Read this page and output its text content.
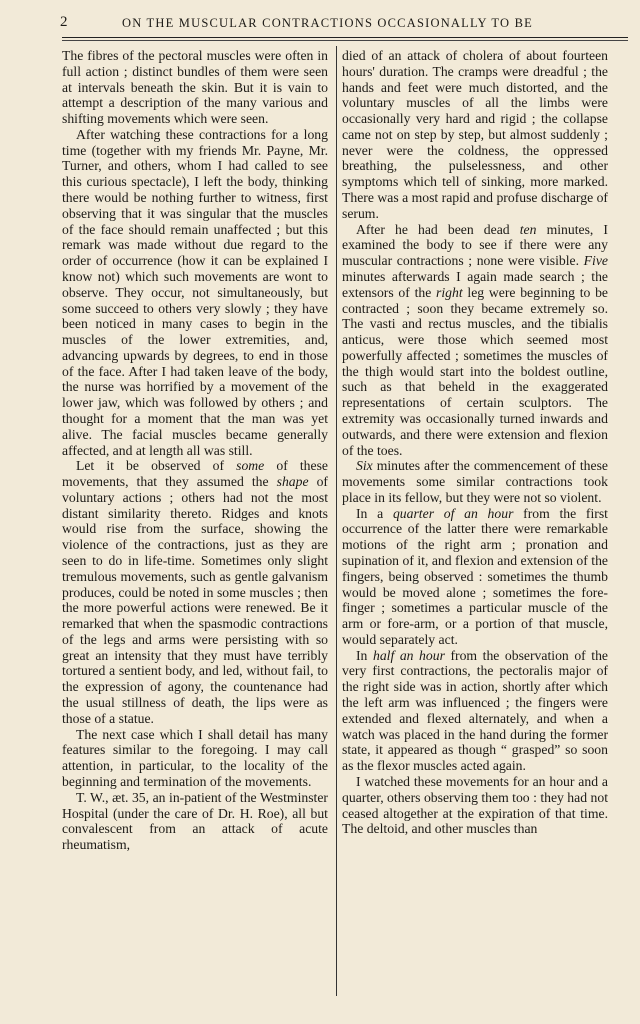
2	ON THE MUSCULAR CONTRACTIONS OCCASIONALLY TO BE

The fibres of the pectoral muscles were often in full action ; distinct bundles of them were seen at intervals beneath the skin. But it is vain to attempt a description of the many various and shifting movements which were seen.

After watching these contractions for a long time (together with my friends Mr. Payne, Mr. Turner, and others, whom I had called to see this curious spectacle), I left the body, thinking there would be nothing further to witness, first observing that it was singular that the muscles of the face should remain unaffected ; but this remark was made without due regard to the order of occurrence (how it can be explained I know not) which such movements are wont to observe. They occur, not simultaneously, but some succeed to others very slowly ; they have been noticed in many cases to begin in the muscles of the lower extremities, and, advancing upwards by degrees, to end in those of the face. After I had taken leave of the body, the nurse was horrified by a movement of the lower jaw, which was followed by others ; and thought for a moment that the man was yet alive. The facial muscles became generally affected, and at length all was still.

Let it be observed of some of these movements, that they assumed the shape of voluntary actions ; others had not the most distant similarity thereto. Ridges and knots would rise from the surface, showing the violence of the contractions, just as they are seen to do in life-time. Sometimes only slight tremulous movements, such as gentle galvanism produces, could be noted in some muscles ; then the more powerful actions were renewed. Be it remarked that when the spasmodic contractions of the legs and arms were persisting with so great an intensity that they must have terribly tortured a sentient body, and led, without fail, to the expression of agony, the countenance had the usual stillness of death, the lips were as those of a statue.

The next case which I shall detail has many features similar to the foregoing. I may call attention, in particular, to the locality of the beginning and termination of the movements.

T. W., æt. 35, an in-patient of the Westminster Hospital (under the care of Dr. H. Roe), all but convalescent from an attack of acute rheumatism,

died of an attack of cholera of about fourteen hours' duration. The cramps were dreadful ; the hands and feet were much distorted, and the voluntary muscles of all the limbs were occasionally very hard and rigid ; the collapse came not on step by step, but almost suddenly ; never were the coldness, the oppressed breathing, the pulselessness, and other symptoms which tell of sinking, more marked. There was a most rapid and profuse discharge of serum.

After he had been dead ten minutes, I examined the body to see if there were any muscular contractions ; none were visible. Five minutes afterwards I again made search ; the extensors of the right leg were beginning to be contracted ; soon they became extremely so. The vasti and rectus muscles, and the tibialis anticus, were those which seemed most powerfully affected ; sometimes the muscles of the thigh would start into the boldest outline, such as that beheld in the exaggerated representations of certain sculptors. The extremity was occasionally turned inwards and outwards, and there were extension and flexion of the toes.

Six minutes after the commencement of these movements some similar contractions took place in its fellow, but they were not so violent.

In a quarter of an hour from the first occurrence of the latter there were remarkable motions of the right arm ; pronation and supination of it, and flexion and extension of the fingers, being observed : sometimes the thumb would be moved alone ; sometimes the fore-finger ; sometimes a particular muscle of the arm or fore-arm, or a portion of that muscle, would separately act.

In half an hour from the observation of the very first contractions, the pectoralis major of the right side was in action, shortly after which the left arm was influenced ; the fingers were extended and flexed alternately, and when a watch was placed in the hand during the former state, it appeared as though “ grasped” so soon as the flexor muscles acted again.

I watched these movements for an hour and a quarter, others observing them too : they had not ceased altogether at the expiration of that time. The deltoid, and other muscles than
